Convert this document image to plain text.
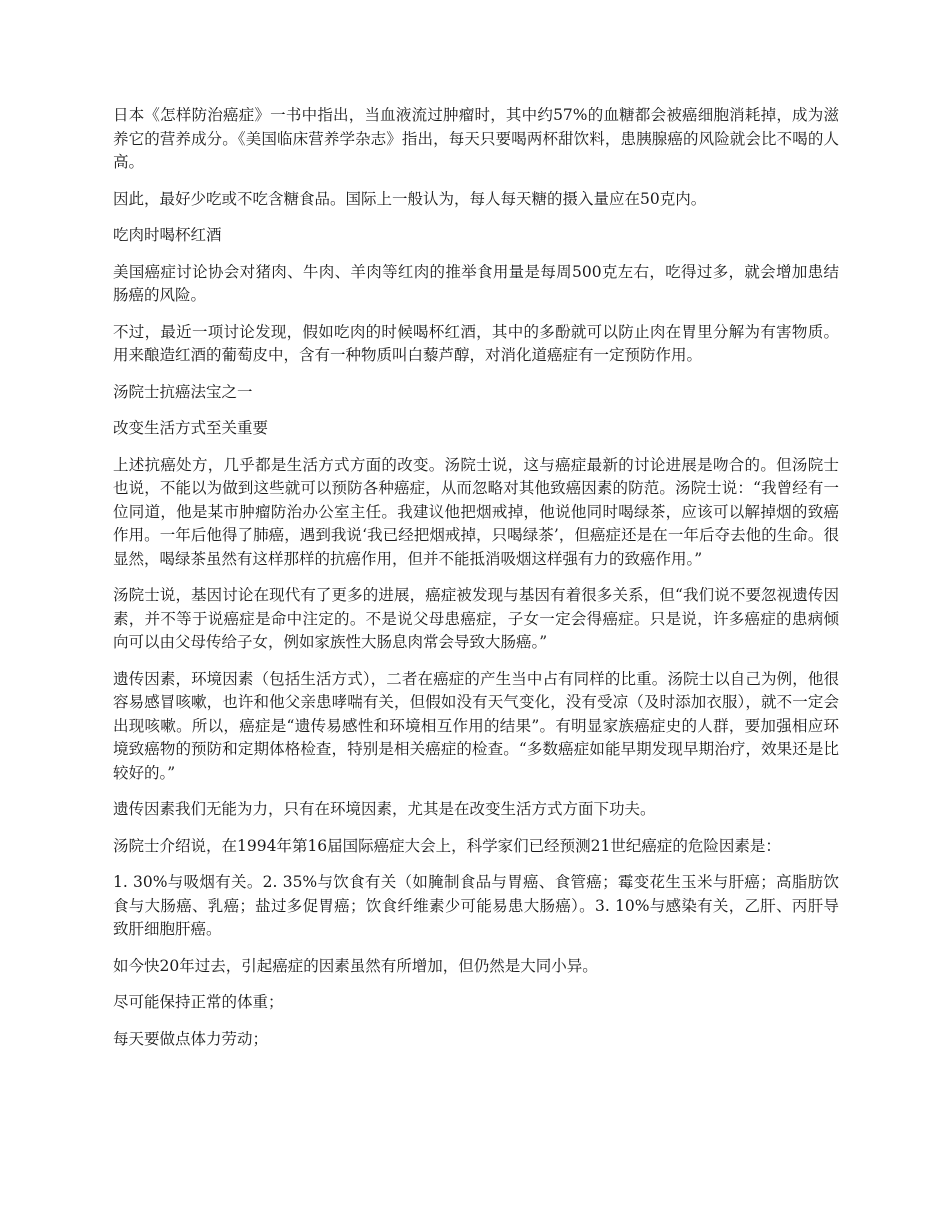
日本《怎样防治癌症》一书中指出，当血液流过肿瘤时，其中约57%的血糖都会被癌细胞消耗掉，成为滋养它的营养成分。《美国临床营养学杂志》指出，每天只要喝两杯甜饮料，患胰腺癌的风险就会比不喝的人高。

因此，最好少吃或不吃含糖食品。国际上一般认为，每人每天糖的摄入量应在50克内。

吃肉时喝杯红酒

美国癌症讨论协会对猪肉、牛肉、羊肉等红肉的推举食用量是每周500克左右，吃得过多，就会增加患结肠癌的风险。

不过，最近一项讨论发现，假如吃肉的时候喝杯红酒，其中的多酚就可以防止肉在胃里分解为有害物质。用来酿造红酒的葡萄皮中，含有一种物质叫白藜芦醇，对消化道癌症有一定预防作用。

汤院士抗癌法宝之一

改变生活方式至关重要

上述抗癌处方，几乎都是生活方式方面的改变。汤院士说，这与癌症最新的讨论进展是吻合的。但汤院士也说，不能以为做到这些就可以预防各种癌症，从而忽略对其他致癌因素的防范。汤院士说：“我曾经有一位同道，他是某市肿瘤防治办公室主任。我建议他把烟戒掉，他说他同时喝绿茶，应该可以解掉烟的致癌作用。一年后他得了肺癌，遇到我说‘我已经把烟戒掉，只喝绿茶’，但癌症还是在一年后夺去他的生命。很显然，喝绿茶虽然有这样那样的抗癌作用，但并不能抵消吸烟这样强有力的致癌作用。”

汤院士说，基因讨论在现代有了更多的进展，癌症被发现与基因有着很多关系，但“我们说不要忽视遗传因素，并不等于说癌症是命中注定的。不是说父母患癌症，子女一定会得癌症。只是说，许多癌症的患病倾向可以由父母传给子女，例如家族性大肠息肉常会导致大肠癌。”

遗传因素，环境因素（包括生活方式），二者在癌症的产生当中占有同样的比重。汤院士以自己为例，他很容易感冒咳嗽，也许和他父亲患哮喘有关，但假如没有天气变化，没有受凉（及时添加衣服），就不一定会出现咳嗽。所以，癌症是“遗传易感性和环境相互作用的结果”。有明显家族癌症史的人群，要加强相应环境致癌物的预防和定期体格检查，特别是相关癌症的检查。“多数癌症如能早期发现早期治疗，效果还是比较好的。”

遗传因素我们无能为力，只有在环境因素，尤其是在改变生活方式方面下功夫。

汤院士介绍说，在1994年第16届国际癌症大会上，科学家们已经预测21世纪癌症的危险因素是：

1. 30%与吸烟有关。2. 35%与饮食有关（如腌制食品与胃癌、食管癌；霉变花生玉米与肝癌；高脂肪饮食与大肠癌、乳癌；盐过多促胃癌；饮食纤维素少可能易患大肠癌）。3. 10%与感染有关，乙肝、丙肝导致肝细胞肝癌。

如今快20年过去，引起癌症的因素虽然有所增加，但仍然是大同小异。

尽可能保持正常的体重；

每天要做点体力劳动；
